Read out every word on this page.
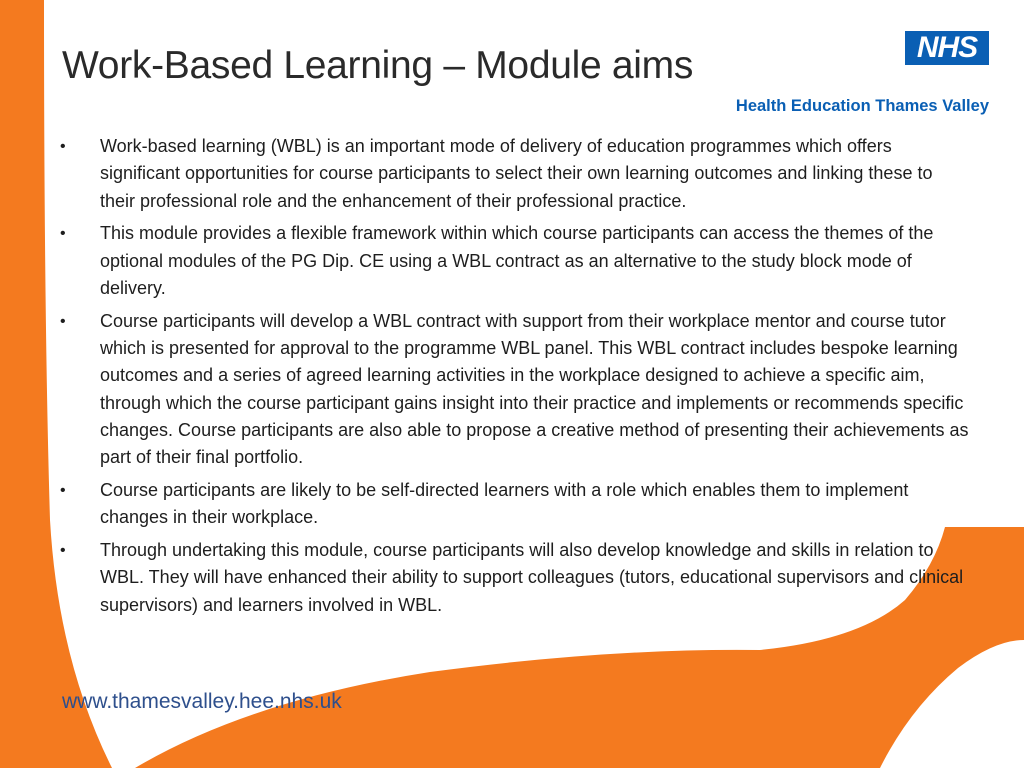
Work-Based Learning – Module aims	NHS

Health Education Thames Valley

• Work-based learning (WBL) is an important mode of delivery of education programmes which offers significant opportunities for course participants to select their own learning outcomes and linking these to their professional role and the enhancement of their professional practice.
• This module provides a flexible framework within which course participants can access the themes of the optional modules of the PG Dip. CE using a WBL contract as an alternative to the study block mode of delivery.
• Course participants will develop a WBL contract with support from their workplace mentor and course tutor which is presented for approval to the programme WBL panel. This WBL contract includes bespoke learning outcomes and a series of agreed learning activities in the workplace designed to achieve a specific aim, through which the course participant gains insight into their practice and implements or recommends specific changes. Course participants are also able to propose a creative method of presenting their achievements as part of their final portfolio.
• Course participants are likely to be self-directed learners with a role which enables them to implement changes in their workplace.
• Through undertaking this module, course participants will also develop knowledge and skills in relation to WBL. They will have enhanced their ability to support colleagues (tutors, educational supervisors and clinical supervisors) and learners involved in WBL.

www.thamesvalley.hee.nhs.uk
